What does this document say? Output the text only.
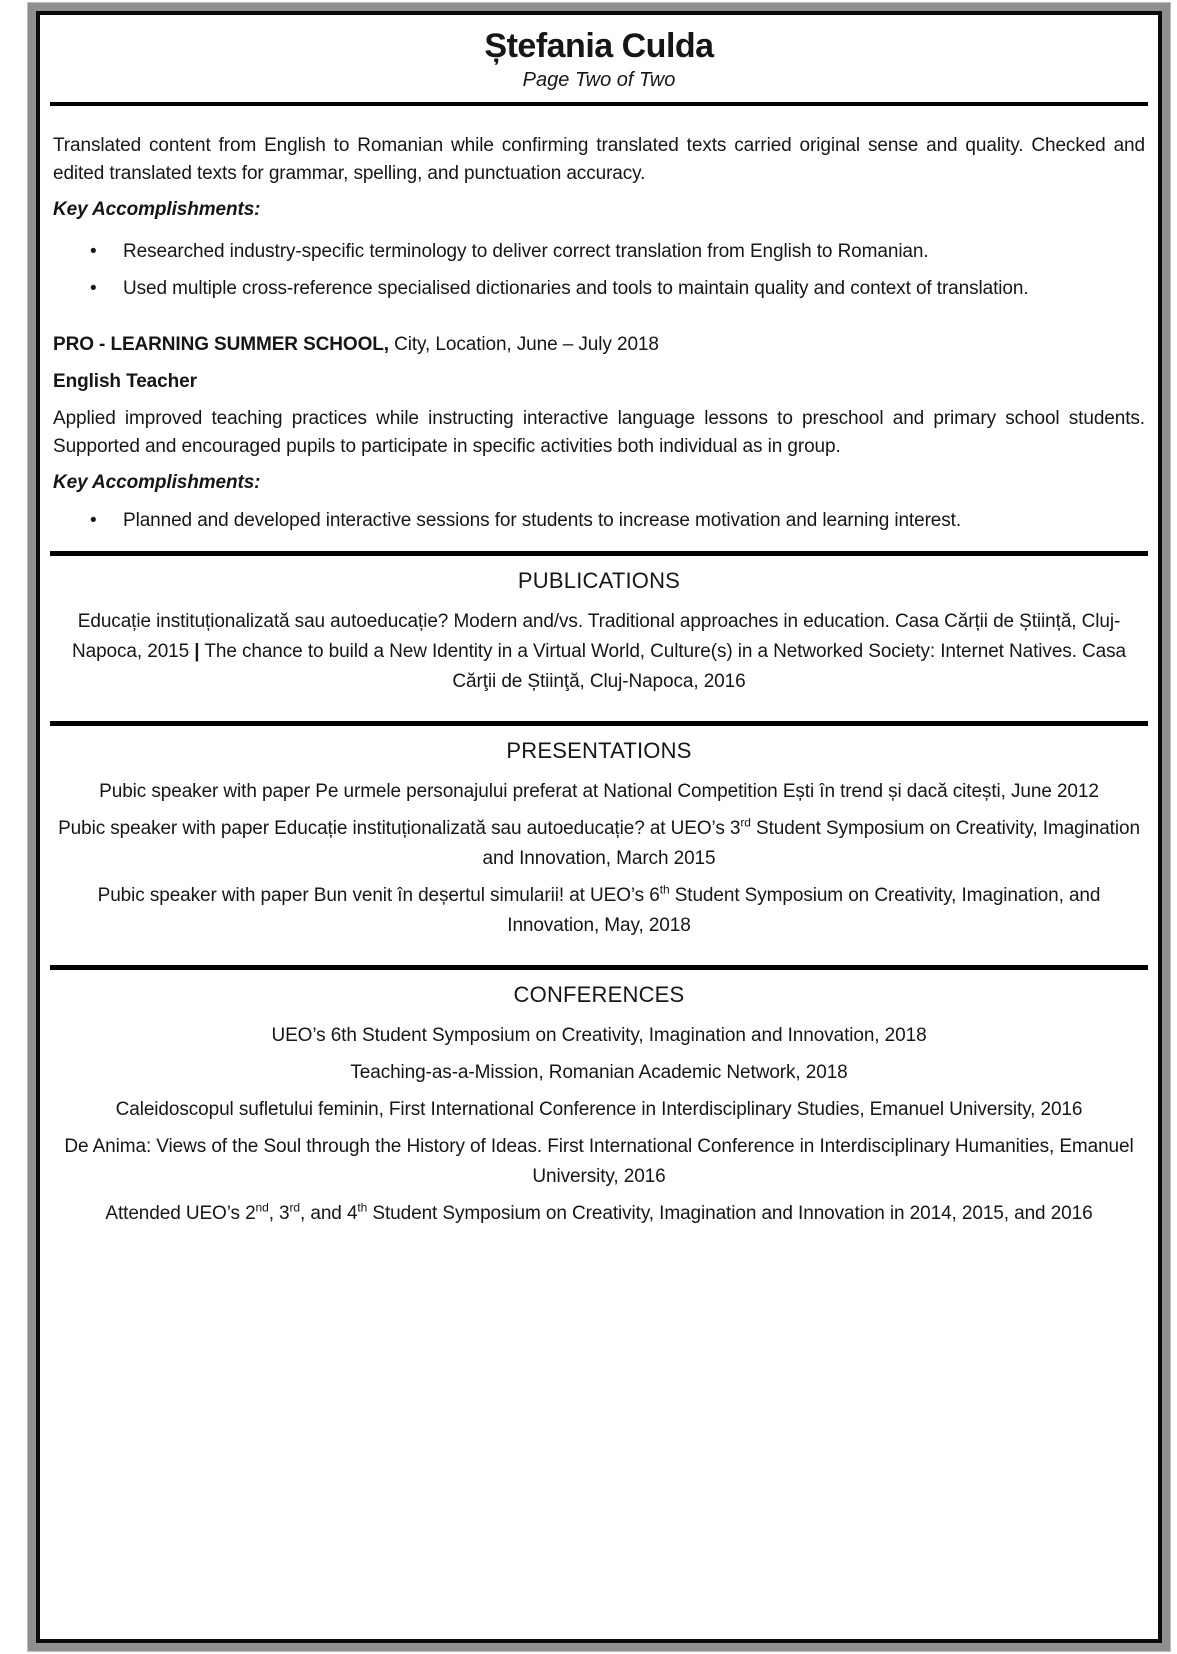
Ștefania Culda
Page Two of Two

Translated content from English to Romanian while confirming translated texts carried original sense and quality. Checked and edited translated texts for grammar, spelling, and punctuation accuracy.

Key Accomplishments:

• Researched industry-specific terminology to deliver correct translation from English to Romanian.
• Used multiple cross-reference specialised dictionaries and tools to maintain quality and context of translation.

PRO - LEARNING SUMMER SCHOOL, City, Location, June – July 2018

English Teacher

Applied improved teaching practices while instructing interactive language lessons to preschool and primary school students. Supported and encouraged pupils to participate in specific activities both individual as in group.

Key Accomplishments:

• Planned and developed interactive sessions for students to increase motivation and learning interest.
PUBLICATIONS

Educație instituționalizată sau autoeducație? Modern and/vs. Traditional approaches in education. Casa Cărții de Știință, Cluj-Napoca, 2015 | The chance to build a New Identity in a Virtual World, Culture(s) in a Networked Society: Internet Natives. Casa Cărţii de Știinţă, Cluj-Napoca, 2016

PRESENTATIONS

Pubic speaker with paper Pe urmele personajului preferat at National Competition Ești în trend și dacă citești, June 2012

Pubic speaker with paper Educație instituționalizată sau autoeducație? at UEO’s 3rd Student Symposium on Creativity, Imagination and Innovation, March 2015

Pubic speaker with paper Bun venit în deșertul simularii! at UEO’s 6th Student Symposium on Creativity, Imagination, and Innovation, May, 2018

CONFERENCES

UEO’s 6th Student Symposium on Creativity, Imagination and Innovation, 2018

Teaching-as-a-Mission, Romanian Academic Network, 2018

Caleidoscopul sufletului feminin, First International Conference in Interdisciplinary Studies, Emanuel University, 2016

De Anima: Views of the Soul through the History of Ideas. First International Conference in Interdisciplinary Humanities, Emanuel University, 2016

Attended UEO’s 2nd, 3rd, and 4th Student Symposium on Creativity, Imagination and Innovation in 2014, 2015, and 2016
